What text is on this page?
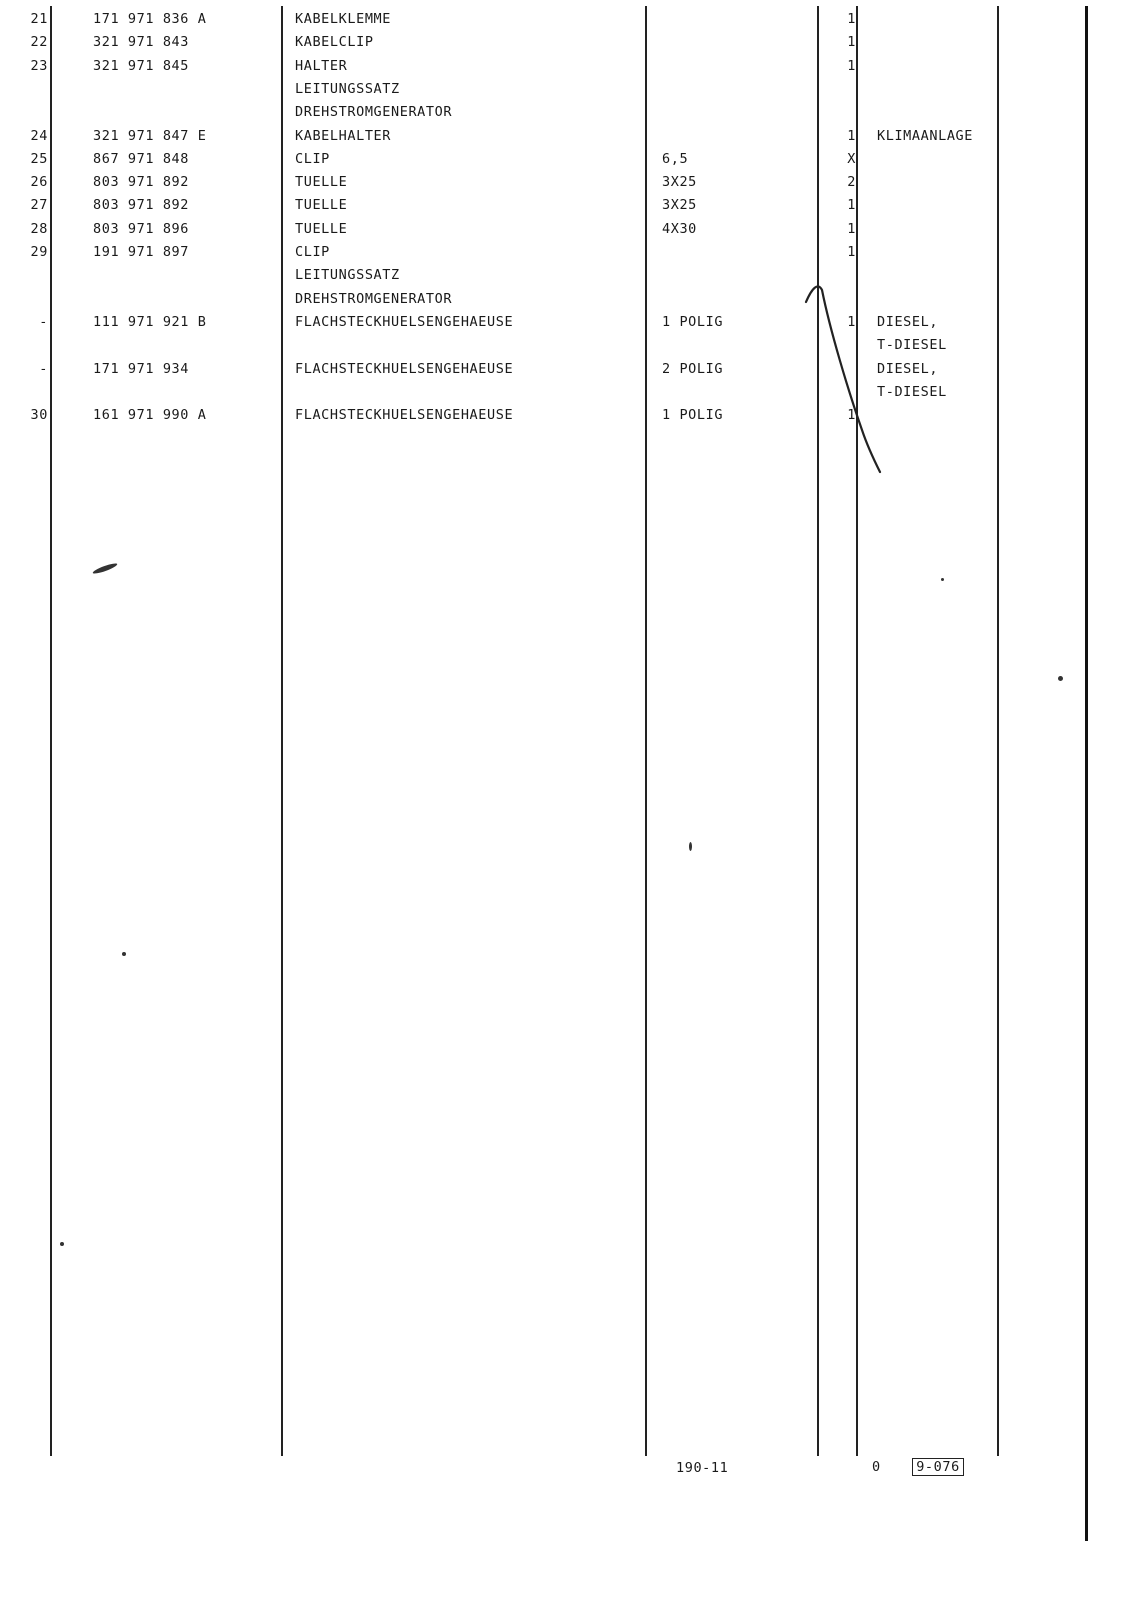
21	171 971 836 A	KABELKLEMME	1
22	321 971 843	KABELCLIP	1
23	321 971 845	HALTER	1
LEITUNGSSATZ
DREHSTROMGENERATOR
24	321 971 847 E	KABELHALTER	1 KLIMAANLAGE
25	867 971 848	CLIP	6,5	X
26	803 971 892	TUELLE	3X25	2
27	803 971 892	TUELLE	3X25	1
28	803 971 896	TUELLE	4X30	1
29	191 971 897	CLIP	1
LEITUNGSSATZ
DREHSTROMGENERATOR
-	111 971 921 B	FLACHSTECKHUELSENGEHAEUSE	1 POLIG	1 DIESEL,
T-DIESEL
-	171 971 934	FLACHSTECKHUELSENGEHAEUSE	2 POLIG	DIESEL,
T-DIESEL
30	161 971 990 A	FLACHSTECKHUELSENGEHAEUSE	1 POLIG	1
190-11	0	9-076
